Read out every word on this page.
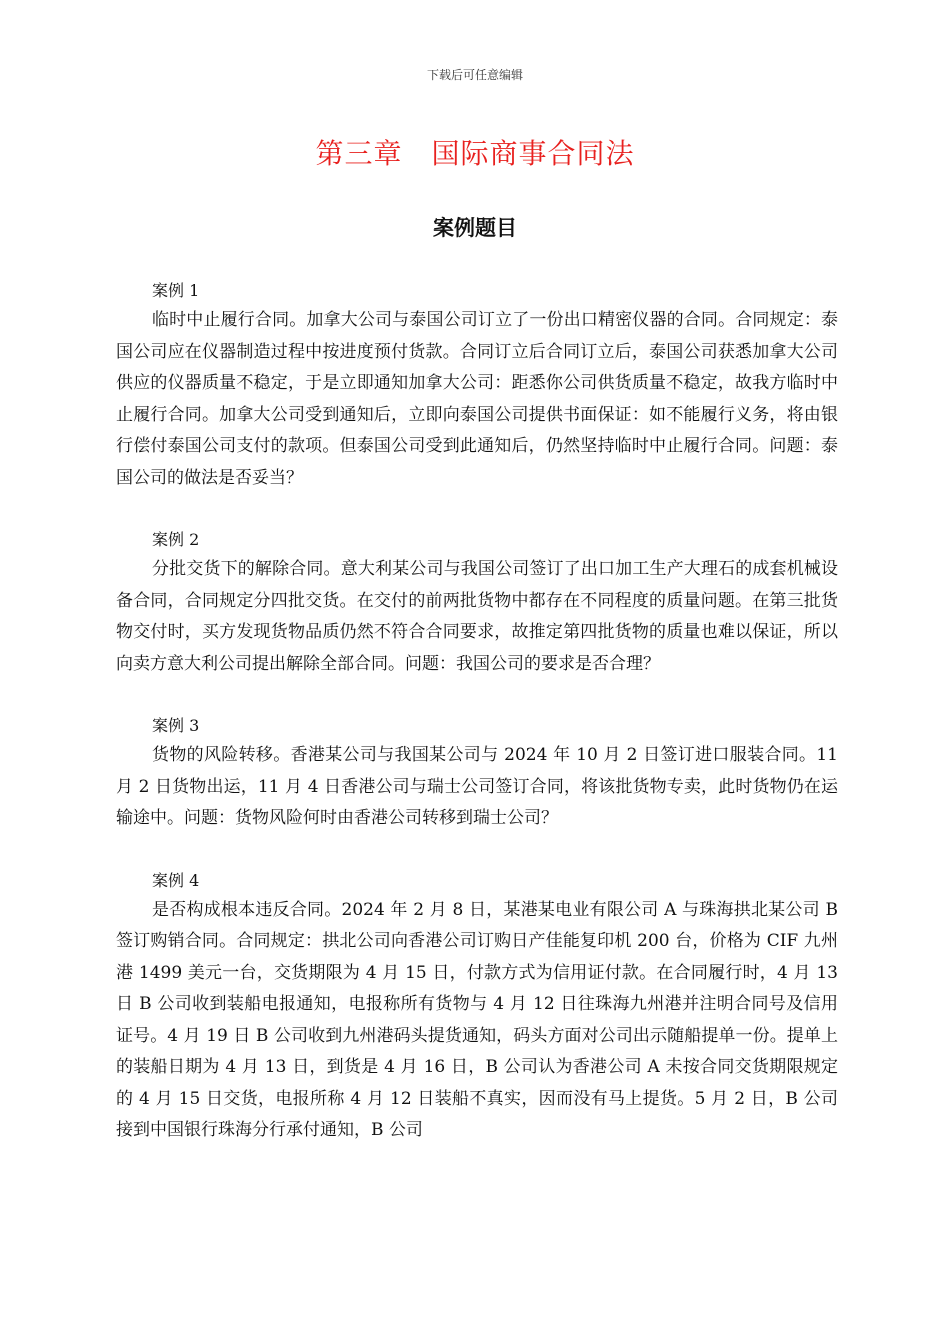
下载后可任意编辑
第三章　国际商事合同法
案例题目

案例 1

临时中止履行合同。加拿大公司与泰国公司订立了一份出口精密仪器的合同。合同规定：泰国公司应在仪器制造过程中按进度预付货款。合同订立后合同订立后，泰国公司获悉加拿大公司供应的仪器质量不稳定，于是立即通知加拿大公司：距悉你公司供货质量不稳定，故我方临时中止履行合同。加拿大公司受到通知后，立即向泰国公司提供书面保证：如不能履行义务，将由银行偿付泰国公司支付的款项。但泰国公司受到此通知后，仍然坚持临时中止履行合同。问题：泰国公司的做法是否妥当？

案例 2

分批交货下的解除合同。意大利某公司与我国公司签订了出口加工生产大理石的成套机械设备合同，合同规定分四批交货。在交付的前两批货物中都存在不同程度的质量问题。在第三批货物交付时，买方发现货物品质仍然不符合合同要求，故推定第四批货物的质量也难以保证，所以向卖方意大利公司提出解除全部合同。问题：我国公司的要求是否合理？

案例 3

货物的风险转移。香港某公司与我国某公司与 2024 年 10 月 2 日签订进口服装合同。11 月 2 日货物出运，11 月 4 日香港公司与瑞士公司签订合同，将该批货物专卖，此时货物仍在运输途中。问题：货物风险何时由香港公司转移到瑞士公司？

案例 4

是否构成根本违反合同。2024 年 2 月 8 日，某港某电业有限公司 A 与珠海拱北某公司 B 签订购销合同。合同规定：拱北公司向香港公司订购日产佳能复印机 200 台，价格为 CIF 九州港 1499 美元一台，交货期限为 4 月 15 日，付款方式为信用证付款。在合同履行时，4 月 13 日 B 公司收到装船电报通知，电报称所有货物与 4 月 12 日往珠海九州港并注明合同号及信用证号。4 月 19 日 B 公司收到九州港码头提货通知，码头方面对公司出示随船提单一份。提单上的装船日期为 4 月 13 日，到货是 4 月 16 日，B 公司认为香港公司 A 未按合同交货期限规定的 4 月 15 日交货，电报所称 4 月 12 日装船不真实，因而没有马上提货。5 月 2 日，B 公司接到中国银行珠海分行承付通知，B 公司
